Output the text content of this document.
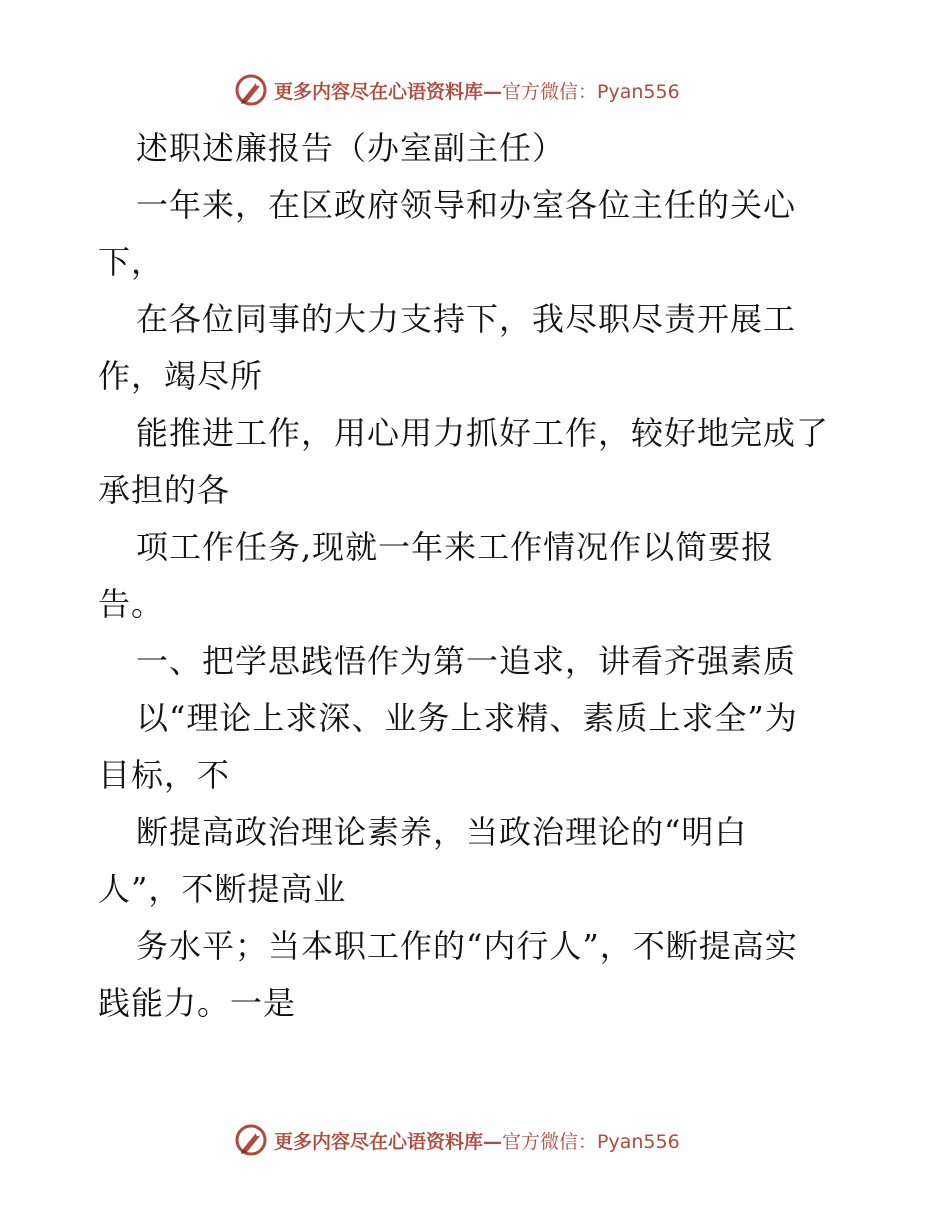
更多内容尽在心语资料库— 官方微信：Pyan556
述职述廉报告（办室副主任）
一年来，在区政府领导和办室各位主任的关心
下，
在各位同事的大力支持下，我尽职尽责开展工
作，竭尽所
能推进工作，用心用力抓好工作，较好地完成了
承担的各
项工作任务,现就一年来工作情况作以简要报
告。
一、把学思践悟作为第一追求，讲看齐强素质
以“理论上求深、业务上求精、素质上求全”为
目标，不
断提高政治理论素养，当政治理论的“明白
人”，不断提高业
务水平；当本职工作的“内行人”，不断提高实
践能力。一是
更多内容尽在心语资料库— 官方微信：Pyan556
